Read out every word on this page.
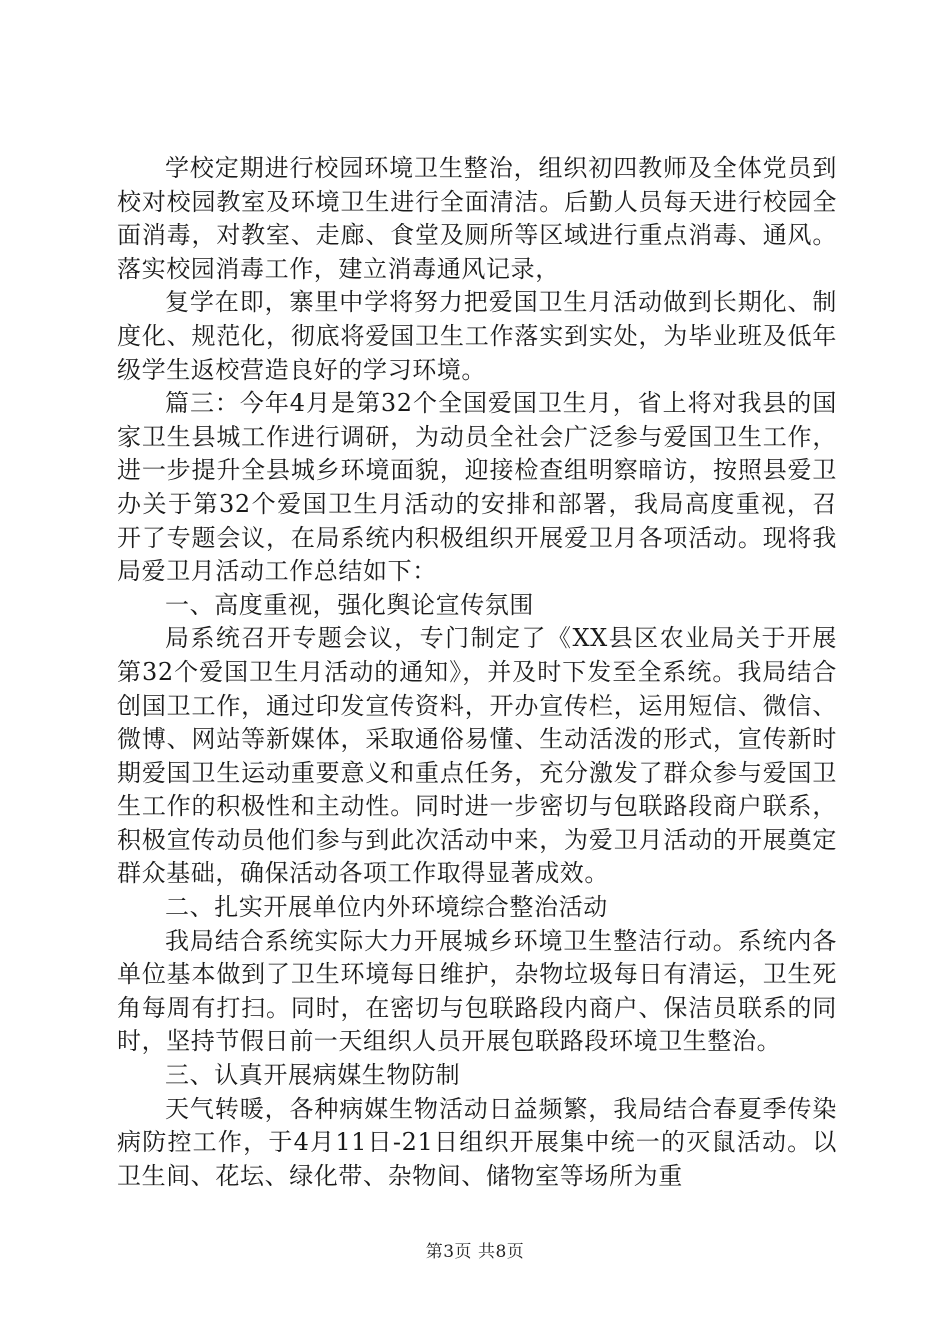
学校定期进行校园环境卫生整治，组织初四教师及全体党员到校对校园教室及环境卫生进行全面清洁。后勤人员每天进行校园全面消毒，对教室、走廊、食堂及厕所等区域进行重点消毒、通风。落实校园消毒工作，建立消毒通风记录，

复学在即，寨里中学将努力把爱国卫生月活动做到长期化、制度化、规范化，彻底将爱国卫生工作落实到实处，为毕业班及低年级学生返校营造良好的学习环境。

篇三：今年4月是第32个全国爱国卫生月，省上将对我县的国家卫生县城工作进行调研，为动员全社会广泛参与爱国卫生工作，进一步提升全县城乡环境面貌，迎接检查组明察暗访，按照县爱卫办关于第32个爱国卫生月活动的安排和部署，我局高度重视，召开了专题会议，在局系统内积极组织开展爱卫月各项活动。现将我局爱卫月活动工作总结如下：

一、高度重视，强化舆论宣传氛围

局系统召开专题会议，专门制定了《XX县区农业局关于开展第32个爱国卫生月活动的通知》，并及时下发至全系统。我局结合创国卫工作，通过印发宣传资料，开办宣传栏，运用短信、微信、微博、网站等新媒体，采取通俗易懂、生动活泼的形式，宣传新时期爱国卫生运动重要意义和重点任务，充分激发了群众参与爱国卫生工作的积极性和主动性。同时进一步密切与包联路段商户联系，积极宣传动员他们参与到此次活动中来，为爱卫月活动的开展奠定群众基础，确保活动各项工作取得显著成效。

二、扎实开展单位内外环境综合整治活动

我局结合系统实际大力开展城乡环境卫生整洁行动。系统内各单位基本做到了卫生环境每日维护，杂物垃圾每日有清运，卫生死角每周有打扫。同时，在密切与包联路段内商户、保洁员联系的同时，坚持节假日前一天组织人员开展包联路段环境卫生整治。

三、认真开展病媒生物防制

天气转暖，各种病媒生物活动日益频繁，我局结合春夏季传染病防控工作，于4月11日-21日组织开展集中统一的灭鼠活动。以卫生间、花坛、绿化带、杂物间、储物室等场所为重

第3页 共8页
